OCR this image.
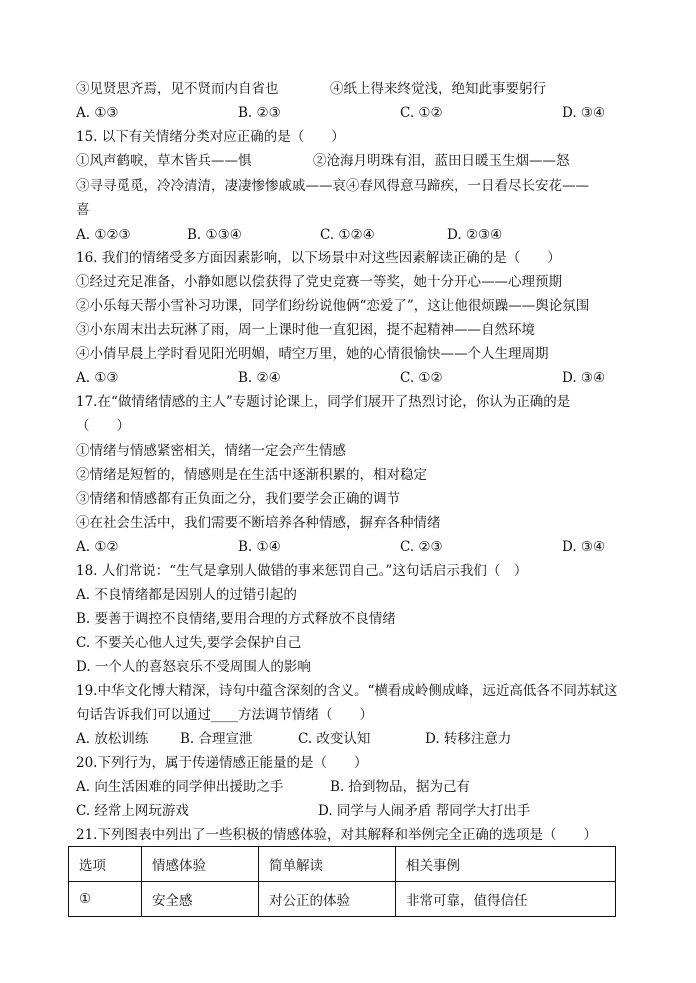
③见贤思齐焉，见不贤而内自省也	④纸上得来终觉浅，绝知此事要躬行
A. ①③	B. ②③	C. ①②	D. ③④
15. 以下有关情绪分类对应正确的是（　　）
①风声鹤唳，草木皆兵——惧	②沧海月明珠有泪，蓝田日暖玉生烟——怒
③寻寻觅觅，冷冷清清，凄凄惨惨戚戚——哀④春风得意马蹄疾，一日看尽长安花——
喜
A. ①②③	B. ①③④	C. ①②④	D. ②③④
16. 我们的情绪受多方面因素影响，以下场景中对这些因素解读正确的是（　　）
①经过充足准备，小静如愿以偿获得了党史竞赛一等奖，她十分开心——心理预期
②小乐每天帮小雪补习功课，同学们纷纷说他俩“恋爱了”，这让他很烦躁——舆论氛围
③小东周末出去玩淋了雨，周一上课时他一直犯困，提不起精神——自然环境
④小倩早晨上学时看见阳光明媚，晴空万里，她的心情很愉快——个人生理周期
A. ①③	B. ②④	C. ①②	D. ③④
17.在“做情绪情感的主人”专题讨论课上，同学们展开了热烈讨论，你认为正确的是
（　　）
①情绪与情感紧密相关，情绪一定会产生情感
②情绪是短暂的，情感则是在生活中逐渐积累的，相对稳定
③情绪和情感都有正负面之分，我们要学会正确的调节
④在社会生活中，我们需要不断培养各种情感，摒弃各种情绪
A. ①②	B. ①④	C. ②③	D. ③④
18. 人们常说：“生气是拿别人做错的事来惩罚自己。”这句话启示我们（　）
A. 不良情绪都是因别人的过错引起的
B. 要善于调控不良情绪,要用合理的方式释放不良情绪
C. 不要关心他人过失,要学会保护自己
D. 一个人的喜怒哀乐不受周围人的影响
19.中华文化博大精深，诗句中蕴含深刻的含义。“横看成岭侧成峰，远近高低各不同苏轼这
句话告诉我们可以通过____方法调节情绪（　　）
A. 放松训练 B. 合理宣泄	C. 改变认知	D. 转移注意力
20.下列行为，属于传递情感正能量的是（　　）
A. 向生活困难的同学伸出援助之手	B. 拾到物品，据为己有
C. 经常上网玩游戏	D. 同学与人闹矛盾 帮同学大打出手
21.下列图表中列出了一些积极的情感体验，对其解释和举例完全正确的选项是（　　）
选项	情感体验	简单解读	相关事例
①	安全感	对公正的体验	非常可靠，值得信任
